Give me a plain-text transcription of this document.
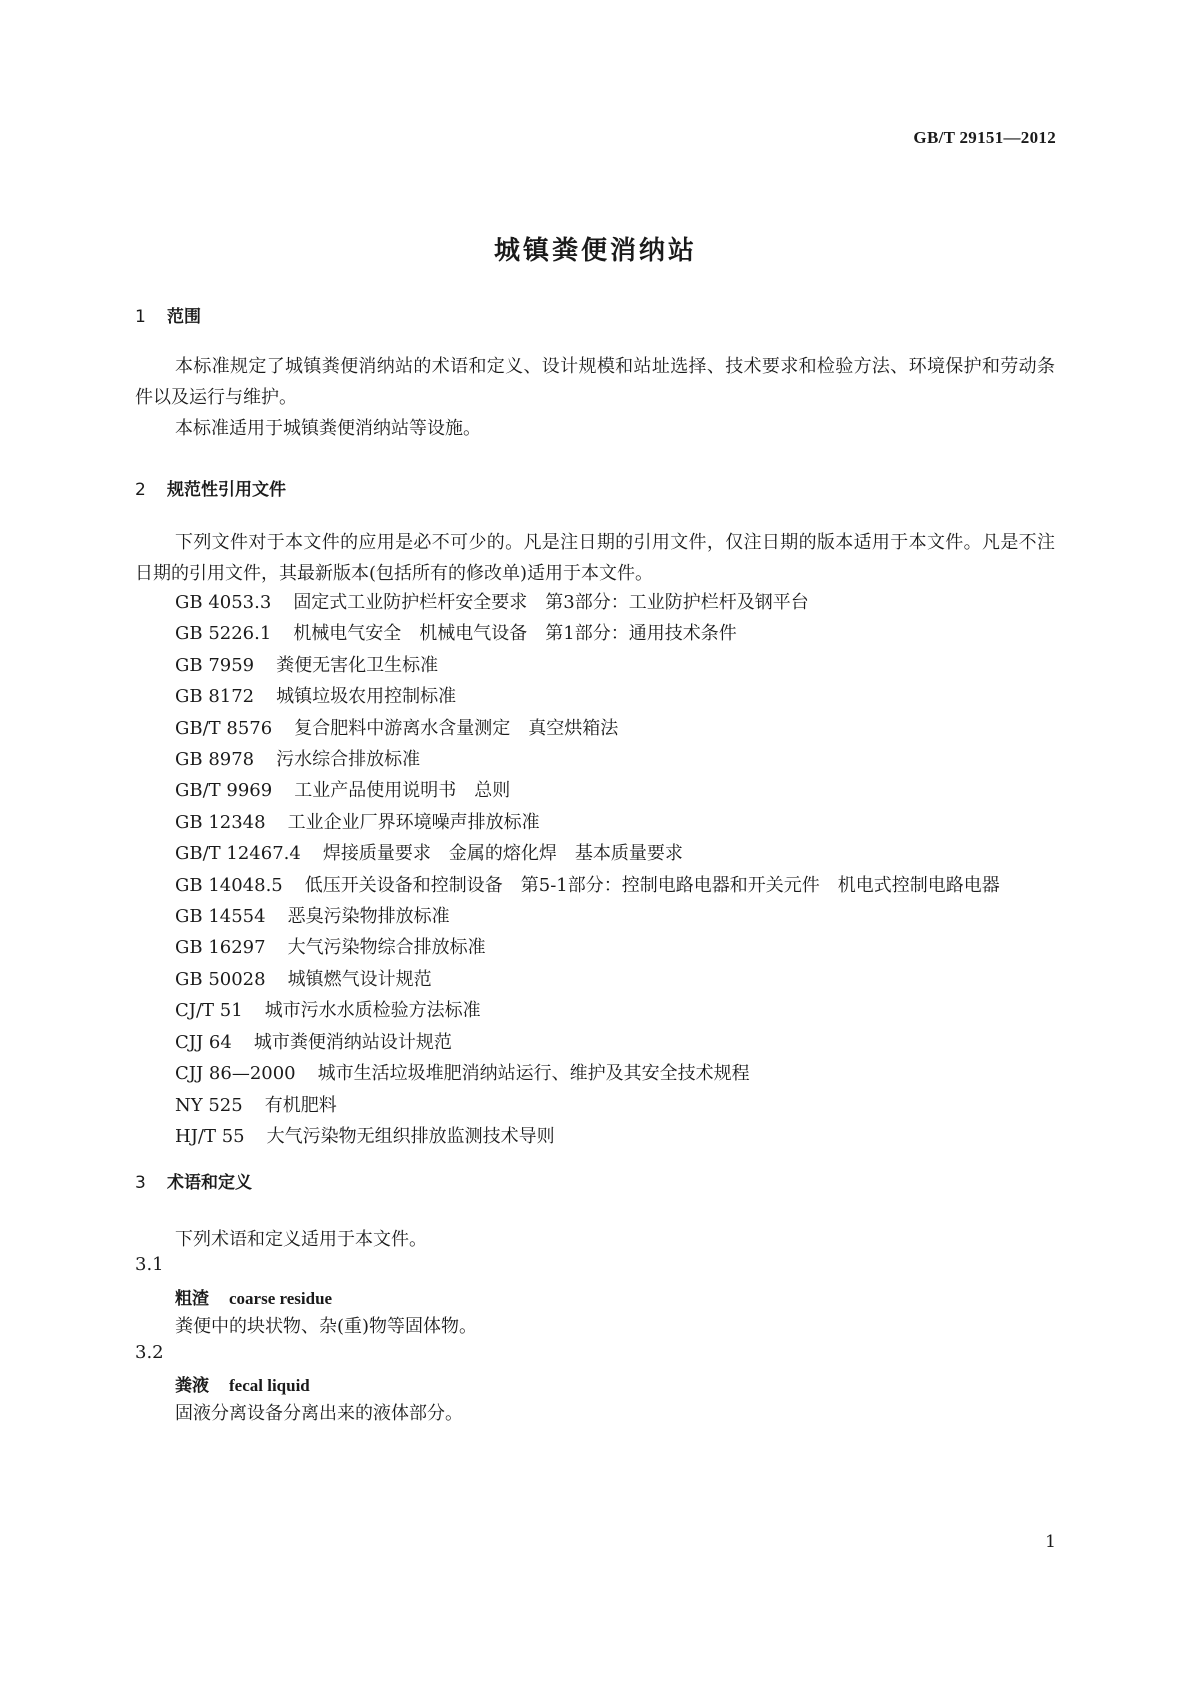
GB/T 29151—2012
城镇粪便消纳站
1 范围

本标准规定了城镇粪便消纳站的术语和定义、设计规模和站址选择、技术要求和检验方法、环境保护和劳动条件以及运行与维护。

本标准适用于城镇粪便消纳站等设施。

2 规范性引用文件

下列文件对于本文件的应用是必不可少的。凡是注日期的引用文件，仅注日期的版本适用于本文件。凡是不注日期的引用文件，其最新版本(包括所有的修改单)适用于本文件。

GB 4053.3 固定式工业防护栏杆安全要求　第3部分：工业防护栏杆及钢平台

GB 5226.1 机械电气安全　机械电气设备　第1部分：通用技术条件

GB 7959 粪便无害化卫生标准

GB 8172 城镇垃圾农用控制标准

GB/T 8576 复合肥料中游离水含量测定　真空烘箱法

GB 8978 污水综合排放标准

GB/T 9969 工业产品使用说明书　总则

GB 12348 工业企业厂界环境噪声排放标准

GB/T 12467.4 焊接质量要求　金属的熔化焊　基本质量要求

GB 14048.5 低压开关设备和控制设备　第5-1部分：控制电路电器和开关元件　机电式控制电路电器

GB 14554 恶臭污染物排放标准

GB 16297 大气污染物综合排放标准

GB 50028 城镇燃气设计规范

CJ/T 51 城市污水水质检验方法标准

CJJ 64 城市粪便消纳站设计规范

CJJ 86—2000 城市生活垃圾堆肥消纳站运行、维护及其安全技术规程

NY 525 有机肥料

HJ/T 55 大气污染物无组织排放监测技术导则

3 术语和定义

下列术语和定义适用于本文件。

3.1
粗渣 coarse residue
粪便中的块状物、杂(重)物等固体物。
3.2
粪液 fecal liquid
固液分离设备分离出来的液体部分。
1
